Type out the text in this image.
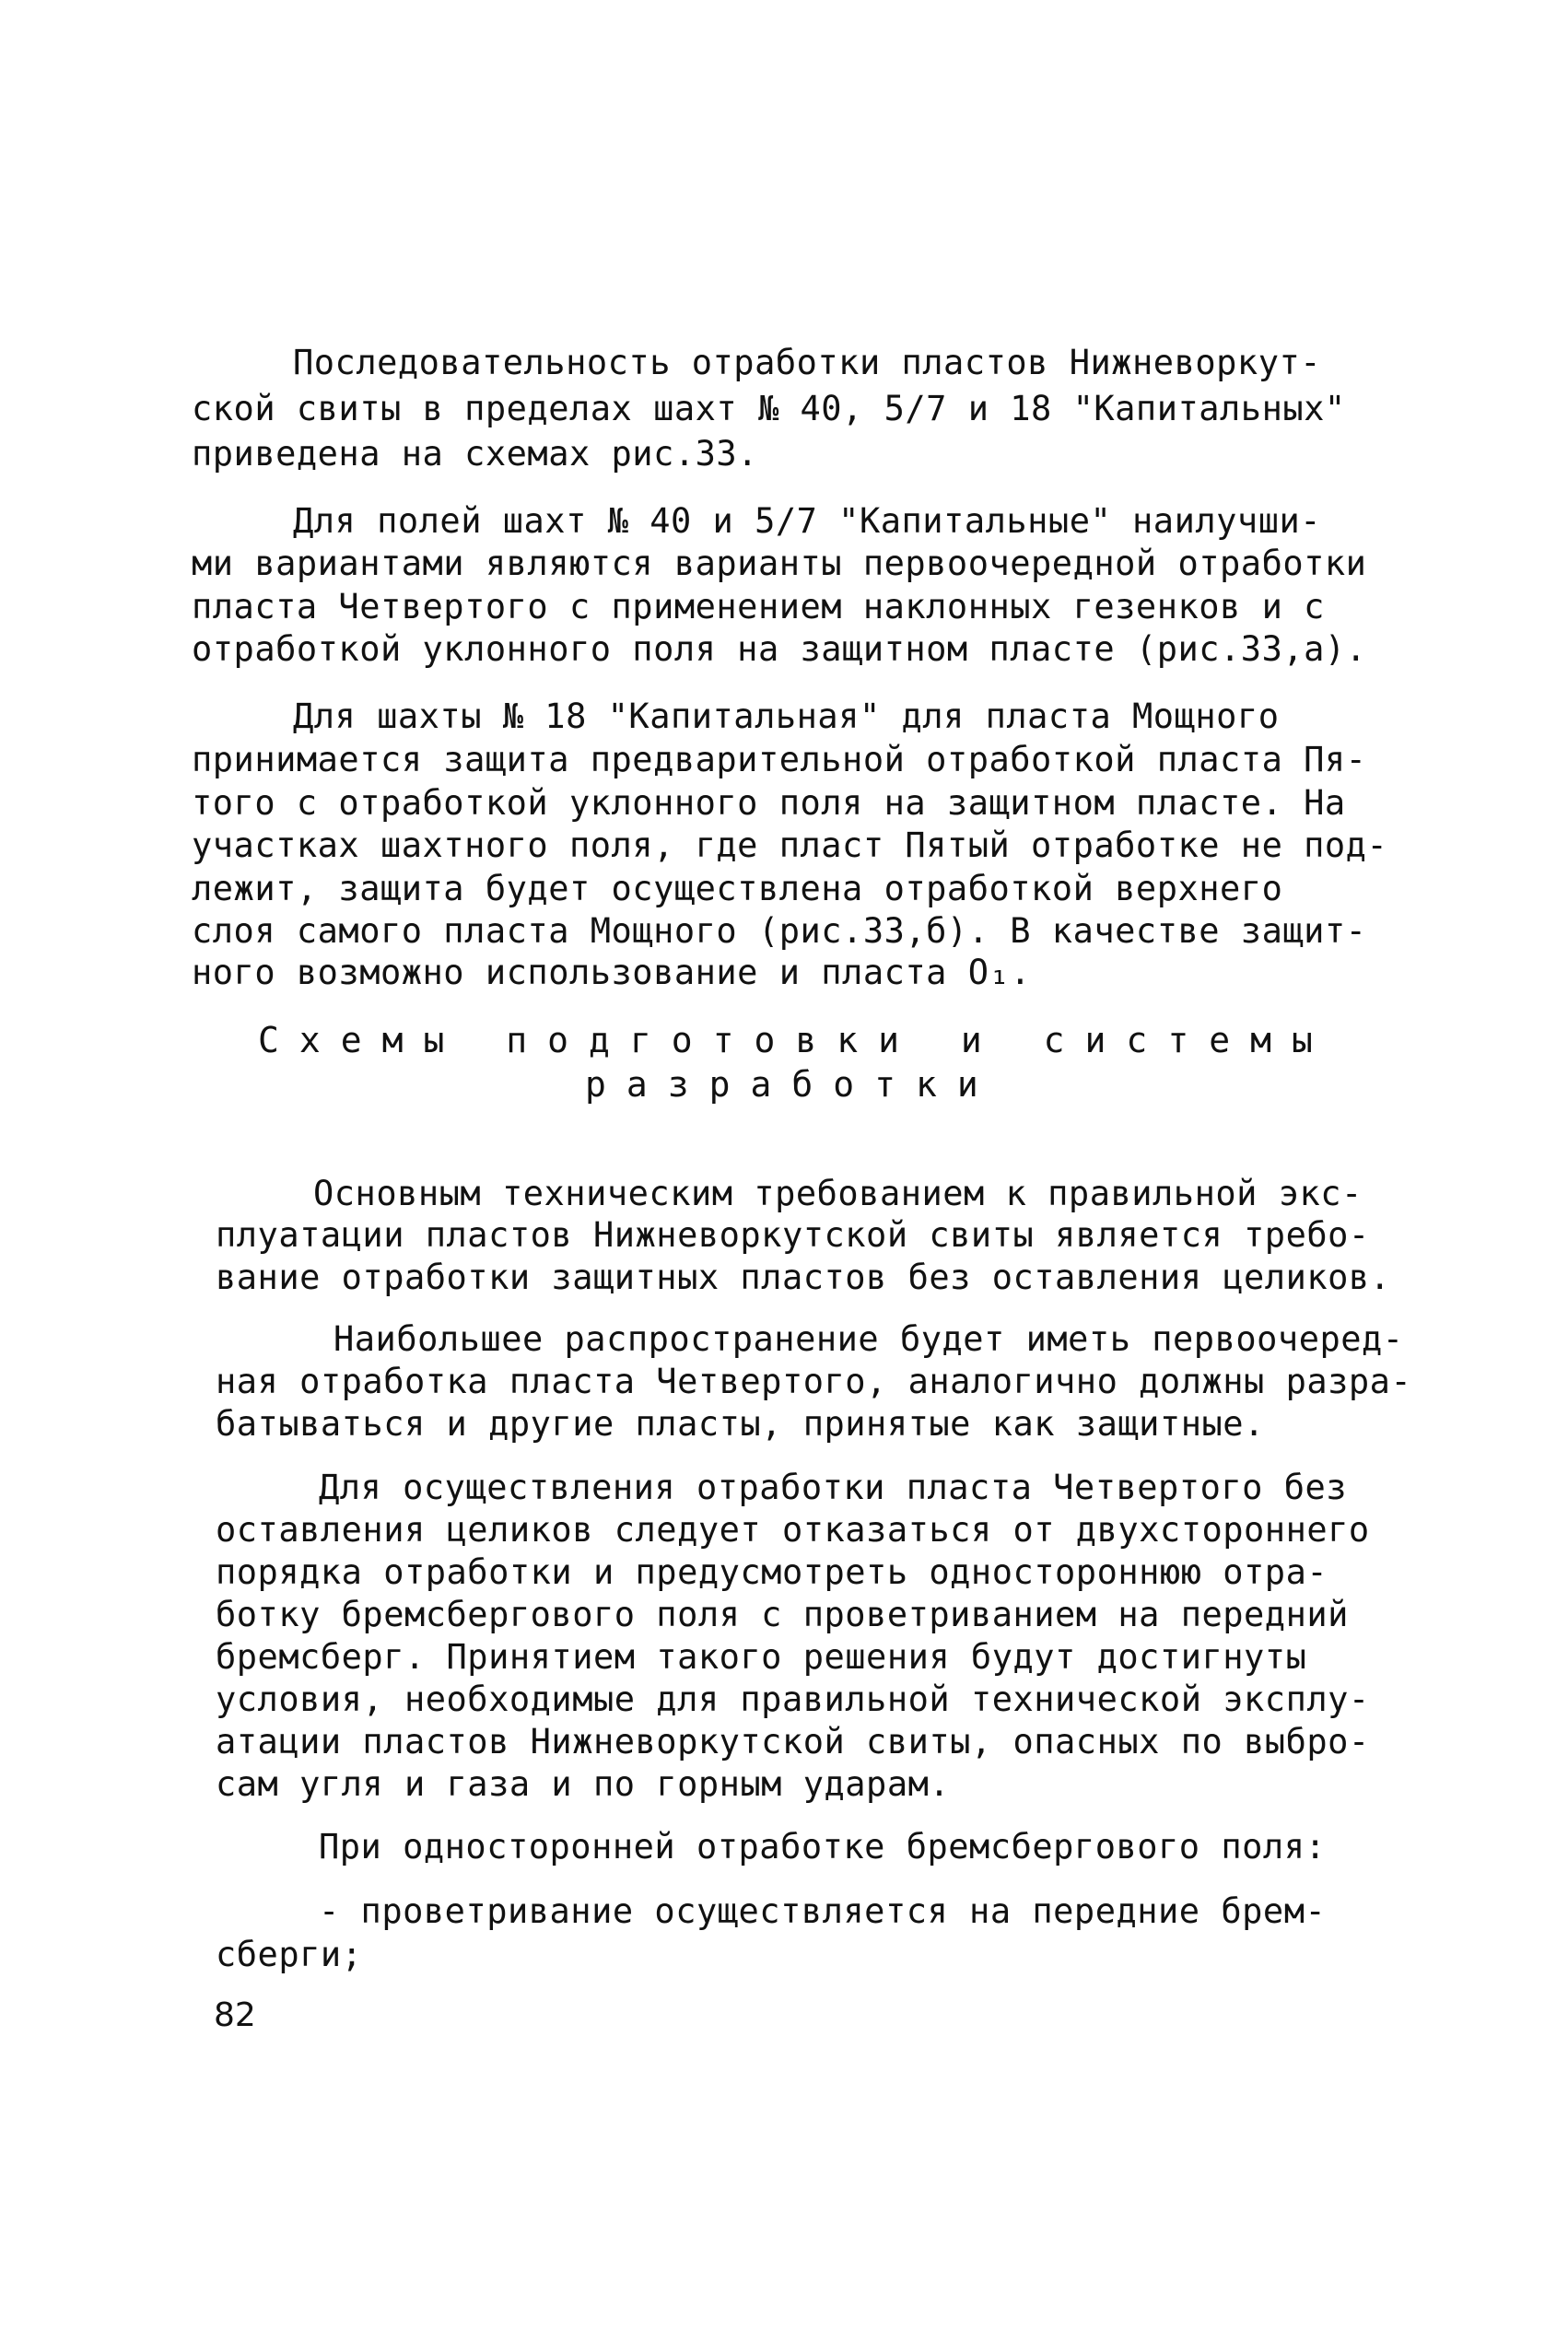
Последовательность отработки пластов Нижневоркут-
ской свиты в пределах шахт № 40, 5/7 и 18 "Капитальных"
приведена на схемах рис.33.
Для полей шахт № 40 и 5/7 "Капитальные" наилучши-
ми вариантами являются варианты первоочередной отработки
пласта Четвертого с применением наклонных гезенков и с
отработкой уклонного поля на защитном пласте (рис.33,а).
Для шахты № 18 "Капитальная" для пласта Мощного
принимается защита предварительной отработкой пласта Пя-
того с отработкой уклонного поля на защитном пласте. На
участках шахтного поля, где пласт Пятый отработке не под-
лежит, защита будет осуществлена отработкой верхнего
слоя самого пласта Мощного (рис.33,б). В качестве защит-
ного возможно использование и пласта О₁.
Схемы подготовки и системы
разработки
Основным техническим требованием к правильной экс-
плуатации пластов Нижневоркутской свиты является требо-
вание отработки защитных пластов без оставления целиков.
Наибольшее распространение будет иметь первоочеред-
ная отработка пласта Четвертого, аналогично должны разра-
батываться и другие пласты, принятые как защитные.
Для осуществления отработки пласта Четвертого без
оставления целиков следует отказаться от двухстороннего
порядка отработки и предусмотреть одностороннюю отра-
ботку бремсбергового поля с проветриванием на передний
бремсберг. Принятием такого решения будут достигнуты
условия, необходимые для правильной технической эксплу-
атации пластов Нижневоркутской свиты, опасных по выбро-
сам угля и газа и по горным ударам.
При односторонней отработке бремсбергового поля:
- проветривание осуществляется на передние брем-
сберги;
82
